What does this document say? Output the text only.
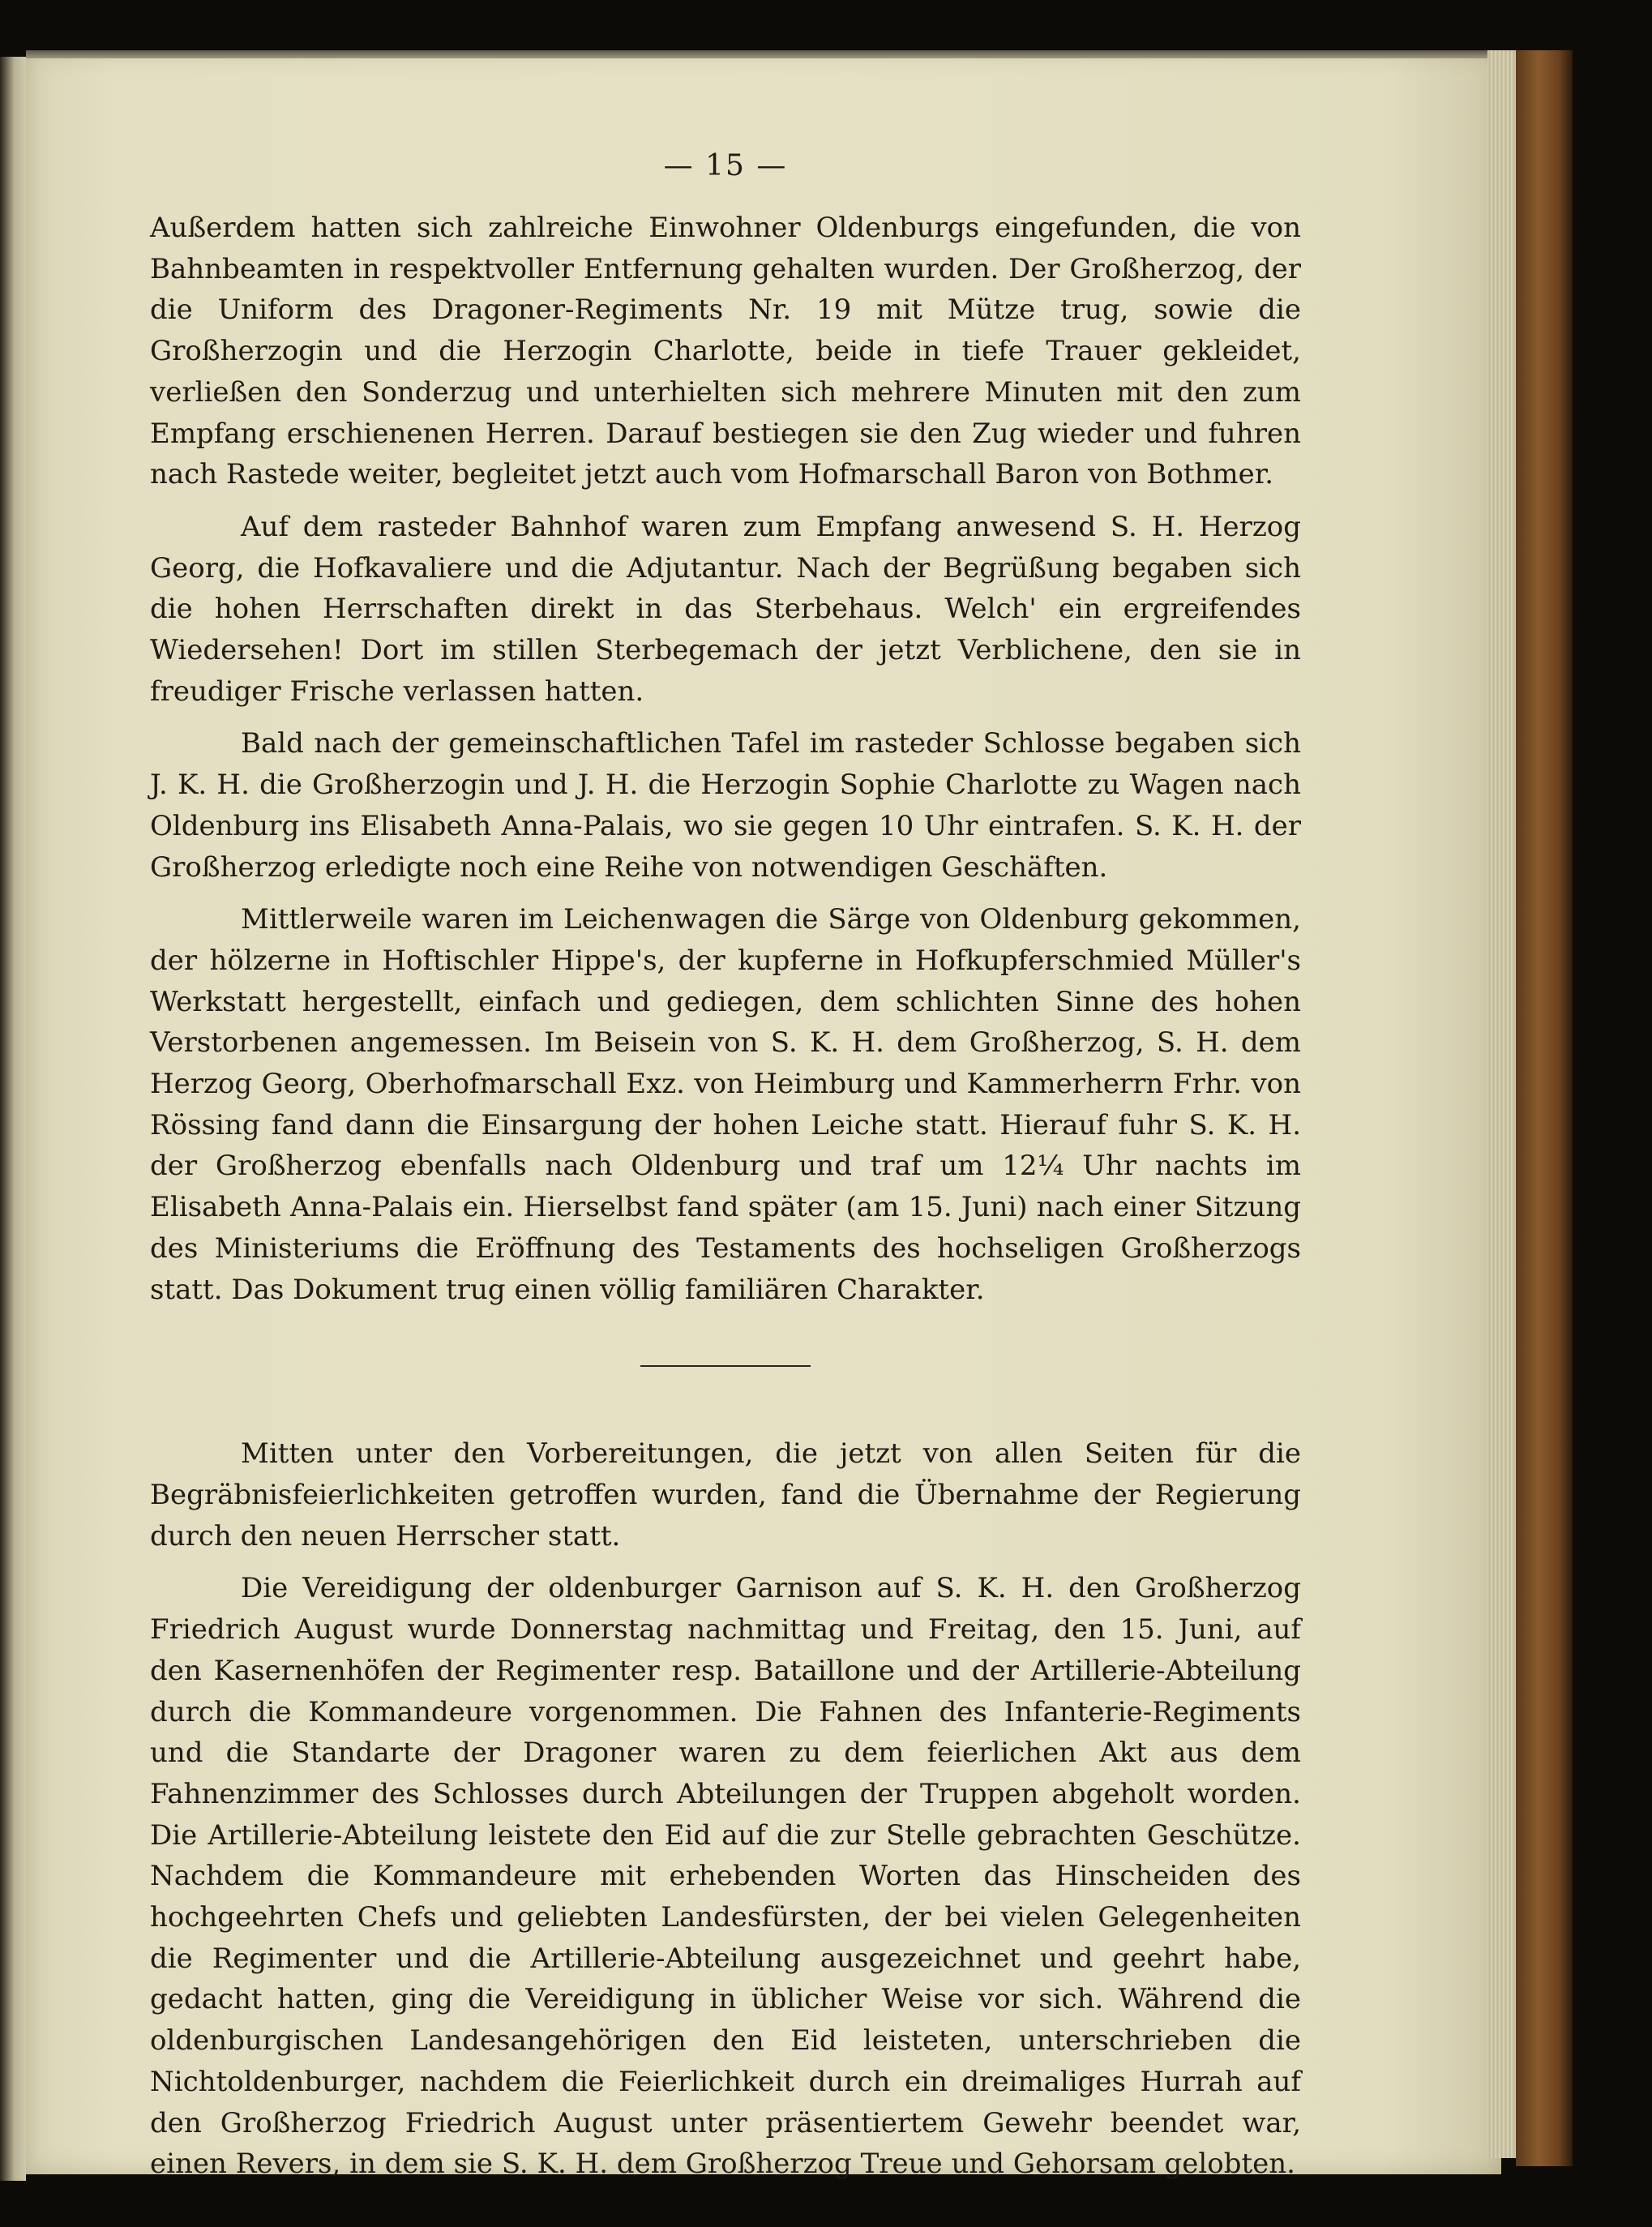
— 15 —

Außerdem hatten sich zahlreiche Einwohner Oldenburgs eingefunden, die von Bahnbeamten in respektvoller Entfernung gehalten wurden. Der Großherzog, der die Uniform des Dragoner-Regiments Nr. 19 mit Mütze trug, sowie die Großherzogin und die Herzogin Charlotte, beide in tiefe Trauer gekleidet, verließen den Sonderzug und unterhielten sich mehrere Minuten mit den zum Empfang erschienenen Herren. Darauf bestiegen sie den Zug wieder und fuhren nach Rastede weiter, begleitet jetzt auch vom Hofmarschall Baron von Bothmer.

Auf dem rasteder Bahnhof waren zum Empfang anwesend S. H. Herzog Georg, die Hofkavaliere und die Adjutantur. Nach der Begrüßung begaben sich die hohen Herrschaften direkt in das Sterbehaus. Welch' ein ergreifendes Wiedersehen! Dort im stillen Sterbegemach der jetzt Verblichene, den sie in freudiger Frische verlassen hatten.

Bald nach der gemeinschaftlichen Tafel im rasteder Schlosse begaben sich J. K. H. die Großherzogin und J. H. die Herzogin Sophie Charlotte zu Wagen nach Oldenburg ins Elisabeth Anna-Palais, wo sie gegen 10 Uhr eintrafen. S. K. H. der Großherzog erledigte noch eine Reihe von notwendigen Geschäften.

Mittlerweile waren im Leichenwagen die Särge von Oldenburg gekommen, der hölzerne in Hoftischler Hippe's, der kupferne in Hofkupferschmied Müller's Werkstatt hergestellt, einfach und gediegen, dem schlichten Sinne des hohen Verstorbenen angemessen. Im Beisein von S. K. H. dem Großherzog, S. H. dem Herzog Georg, Oberhofmarschall Exz. von Heimburg und Kammerherrn Frhr. von Rössing fand dann die Einsargung der hohen Leiche statt. Hierauf fuhr S. K. H. der Großherzog ebenfalls nach Oldenburg und traf um 12¼ Uhr nachts im Elisabeth Anna-Palais ein. Hierselbst fand später (am 15. Juni) nach einer Sitzung des Ministeriums die Eröffnung des Testaments des hochseligen Großherzogs statt. Das Dokument trug einen völlig familiären Charakter.

Mitten unter den Vorbereitungen, die jetzt von allen Seiten für die Begräbnisfeierlichkeiten getroffen wurden, fand die Übernahme der Regierung durch den neuen Herrscher statt.

Die Vereidigung der oldenburger Garnison auf S. K. H. den Großherzog Friedrich August wurde Donnerstag nachmittag und Freitag, den 15. Juni, auf den Kasernenhöfen der Regimenter resp. Bataillone und der Artillerie-Abteilung durch die Kommandeure vorgenommen. Die Fahnen des Infanterie-Regiments und die Standarte der Dragoner waren zu dem feierlichen Akt aus dem Fahnenzimmer des Schlosses durch Abteilungen der Truppen abgeholt worden. Die Artillerie-Abteilung leistete den Eid auf die zur Stelle gebrachten Geschütze. Nachdem die Kommandeure mit erhebenden Worten das Hinscheiden des hochgeehrten Chefs und geliebten Landesfürsten, der bei vielen Gelegenheiten die Regimenter und die Artillerie-Abteilung ausgezeichnet und geehrt habe, gedacht hatten, ging die Vereidigung in üblicher Weise vor sich. Während die oldenburgischen Landesangehörigen den Eid leisteten, unterschrieben die Nichtoldenburger, nachdem die Feierlichkeit durch ein dreimaliges Hurrah auf den Großherzog Friedrich August unter präsentiertem Gewehr beendet war, einen Revers, in dem sie S. K. H. dem Großherzog Treue und Gehorsam gelobten.
